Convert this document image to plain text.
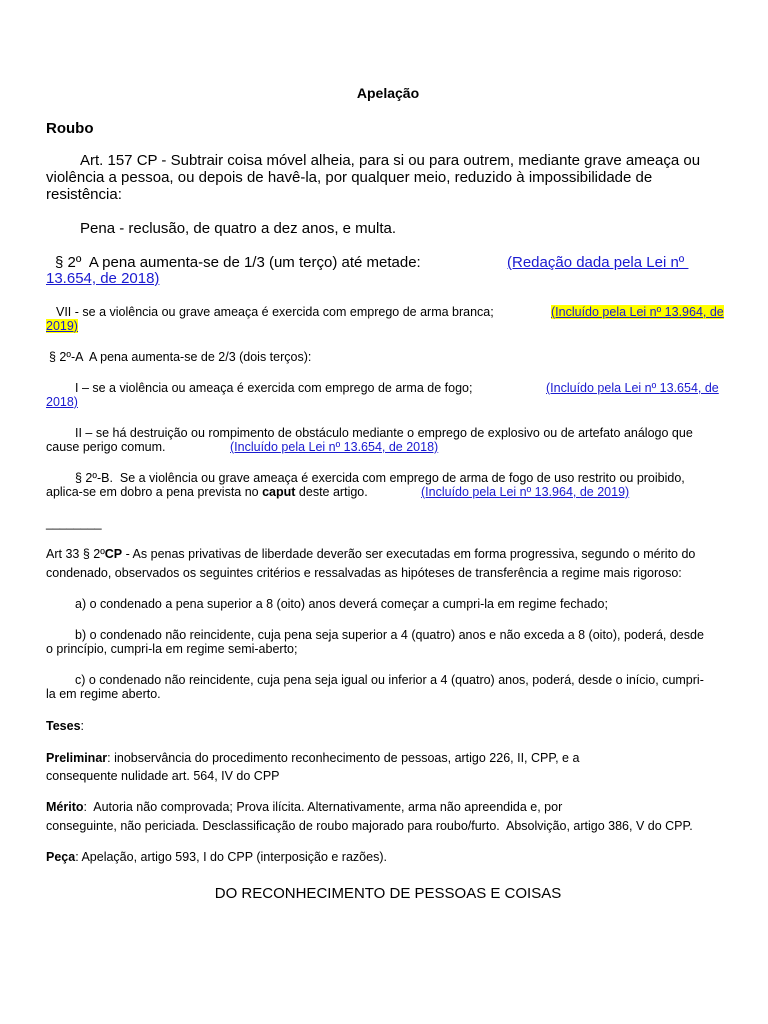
Apelação
Roubo
Art. 157 CP - Subtrair coisa móvel alheia, para si ou para outrem, mediante grave ameaça ou
violência a pessoa, ou depois de havê-la, por qualquer meio, reduzido à impossibilidade de
resistência:
Pena - reclusão, de quatro a dez anos, e multa.
§ 2º  A pena aumenta-se de 1/3 (um terço) até metade:	(Redação dada pela Lei nº
13.654, de 2018)
VII - se a violência ou grave ameaça é exercida com emprego de arma branca;	(Incluído pela Lei nº 13.964, de
2019)
§ 2º-A  A pena aumenta-se de 2/3 (dois terços):
I – se a violência ou ameaça é exercida com emprego de arma de fogo;	(Incluído pela Lei nº 13.654, de
2018)
II – se há destruição ou rompimento de obstáculo mediante o emprego de explosivo ou de artefato análogo que
cause perigo comum.	(Incluído pela Lei nº 13.654, de 2018)
§ 2º-B.  Se a violência ou grave ameaça é exercida com emprego de arma de fogo de uso restrito ou proibido,
aplica-se em dobro a pena prevista no caput deste artigo.	(Incluído pela Lei nº 13.964, de 2019)
________
Art 33 § 2ºCP - As penas privativas de liberdade deverão ser executadas em forma progressiva, segundo o mérito do
condenado, observados os seguintes critérios e ressalvadas as hipóteses de transferência a regime mais rigoroso:
a) o condenado a pena superior a 8 (oito) anos deverá começar a cumpri-la em regime fechado;
b) o condenado não reincidente, cuja pena seja superior a 4 (quatro) anos e não exceda a 8 (oito), poderá, desde
o princípio, cumpri-la em regime semi-aberto;
c) o condenado não reincidente, cuja pena seja igual ou inferior a 4 (quatro) anos, poderá, desde o início, cumpri-
la em regime aberto.
Teses:
Preliminar: inobservância do procedimento reconhecimento de pessoas, artigo 226, II, CPP, e a
consequente nulidade art. 564, IV do CPP
Mérito:  Autoria não comprovada; Prova ilícita. Alternativamente, arma não apreendida e, por
conseguinte, não periciada. Desclassificação de roubo majorado para roubo/furto.  Absolvição, artigo 386, V do CPP.
Peça: Apelação, artigo 593, I do CPP (interposição e razões).
DO RECONHECIMENTO DE PESSOAS E COISAS
